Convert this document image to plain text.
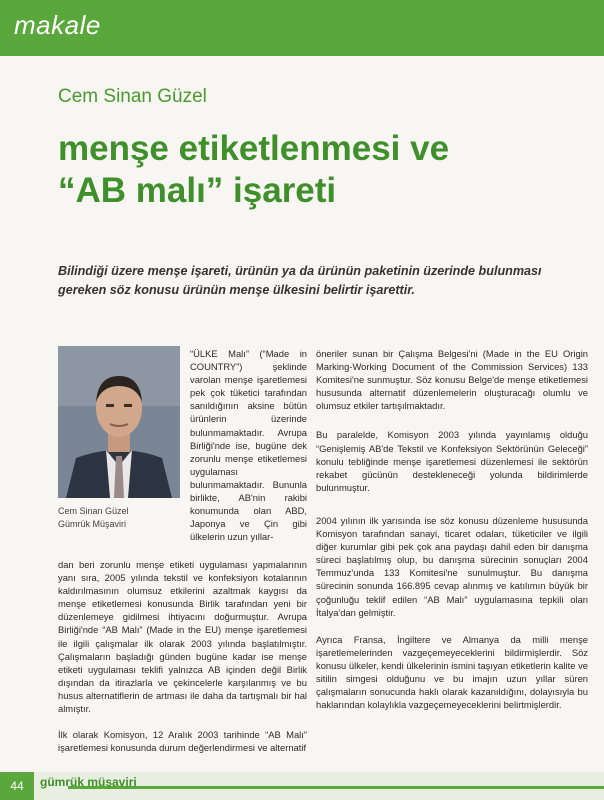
makale
Cem Sinan Güzel
menşe etiketlenmesi ve
“AB malı” işareti
Bilindiği üzere menşe işareti, ürünün ya da ürünün paketinin üzerinde bulunması gereken söz konusu ürünün menşe ülkesini belirtir işarettir.
Cem Sinan Güzel
Gümrük Müşaviri

“ÜLKE Malı” (“Made in COUNTRY”) şeklinde varolan menşe işaretlemesi pek çok tüketici tarafından sanıldığının aksine bütün ürünlerin üzerinde bulunmamaktadır. Avrupa Birliği'nde ise, bugüne dek zorunlu menşe etiketlemesi uygulaması bulunmamaktadır. Bununla birlikte, AB'nin rakibi konumunda olan ABD, Japonya ve Çin gibi ülkelerin uzun yıllar-

dan beri zorunlu menşe etiketi uygulaması yapmalarının yanı sıra, 2005 yılında tekstil ve konfeksiyon kotalarının kaldırılmasının olumsuz etkilerini azaltmak kaygısı da menşe etiketlemesi konusunda Birlik tarafından yeni bir düzenlemeye gidilmesi ihtiyacını doğurmuştur. Avrupa Birliği'nde “AB Malı” (Made in the EU) menşe işaretlemesi ile ilgili çalışmalar ilk olarak 2003 yılında başlatılmıştır. Çalışmaların başladığı günden bugüne kadar ise menşe etiketi uygulaması teklifi yalnızca AB içinden değil Birlik dışından da itirazlarla ve çekincelerle karşılanmış ve bu husus alternatiflerin de artması ile daha da tartışmalı bir hal almıştır.

İlk olarak Komisyon, 12 Aralık 2003 tarihinde “AB Malı” işaretlemesi konusunda durum değerlendirmesi ve alternatif

öneriler sunan bir Çalışma Belgesi'ni (Made in the EU Origin Marking-Working Document of the Commission Services) 133 Komitesi'ne sunmuştur. Söz konusu Belge'de menşe etiketlemesi hususunda alternatif düzenlemelerin oluşturacağı olumlu ve olumsuz etkiler tartışılmaktadır.

Bu paralelde, Komisyon 2003 yılında yayınlamış olduğu “Genişlemiş AB'de Tekstil ve Konfeksiyon Sektörünün Geleceği” konulu tebliğinde menşe işaretlemesi düzenlemesi ile sektörün rekabet gücünün destekleneceği yolunda bildirimlerde bulunmuştur.

2004 yılının ilk yarısında ise söz konusu düzenleme hususunda Komisyon tarafından sanayi, ticaret odaları, tüketiciler ve ilgili diğer kurumlar gibi pek çok ana paydaşı dahil eden bir danışma süreci başlatılmış olup, bu danışma sürecinin sonuçları 2004 Temmuz'unda 133 Komitesi'ne sunulmuştur. Bu danışma sürecinin sonunda 166.895 cevap alınmış ve katılımın büyük bir çoğunluğu teklif edilen “AB Malı” uygulamasına tepkili olan İtalya'dan gelmiştir.

Ayrıca Fransa, İngiltere ve Almanya da milli menşe işaretlemelerinden vazgeçemeyeceklerini bildirmişlerdir. Söz konusu ülkeler, kendi ülkelerinin ismini taşıyan etiketlerin kalite ve sitilin simgesi olduğunu ve bu imajın uzun yıllar süren çalışmaların sonucunda haklı olarak kazanıldığını, dolayısıyla bu haklarından kolaylıkla vazgeçemeyeceklerini belirtmişlerdir.

44	gümrük müşaviri
